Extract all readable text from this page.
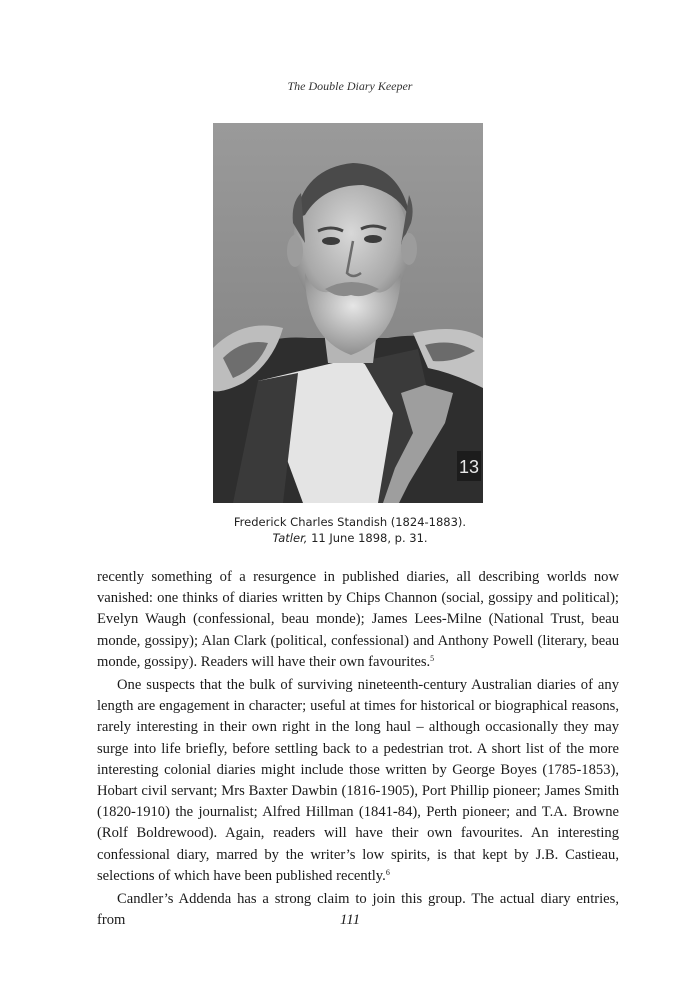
The Double Diary Keeper
13
Frederick Charles Standish (1824-1883).
Tatler, 11 June 1898, p. 31.

recently something of a resurgence in published diaries, all describing worlds now vanished: one thinks of diaries written by Chips Channon (social, gossipy and political); Evelyn Waugh (confessional, beau monde); James Lees-Milne (National Trust, beau monde, gossipy); Alan Clark (political, confessional) and Anthony Powell (literary, beau monde, gossipy). Readers will have their own favourites.$^5$

One suspects that the bulk of surviving nineteenth-century Australian diaries of any length are engagement in character; useful at times for historical or biographical reasons, rarely interesting in their own right in the long haul – although occasionally they may surge into life briefly, before settling back to a pedestrian trot. A short list of the more interesting colonial diaries might include those written by George Boyes (1785-1853), Hobart civil servant; Mrs Baxter Dawbin (1816-1905), Port Phillip pioneer; James Smith (1820-1910) the journalist; Alfred Hillman (1841-84), Perth pioneer; and T.A. Browne (Rolf Boldrewood). Again, readers will have their own favourites. An interesting confessional diary, marred by the writer’s low spirits, is that kept by J.B. Castieau, selections of which have been published recently.$^6$

Candler’s Addenda has a strong claim to join this group. The actual diary entries, from	111
